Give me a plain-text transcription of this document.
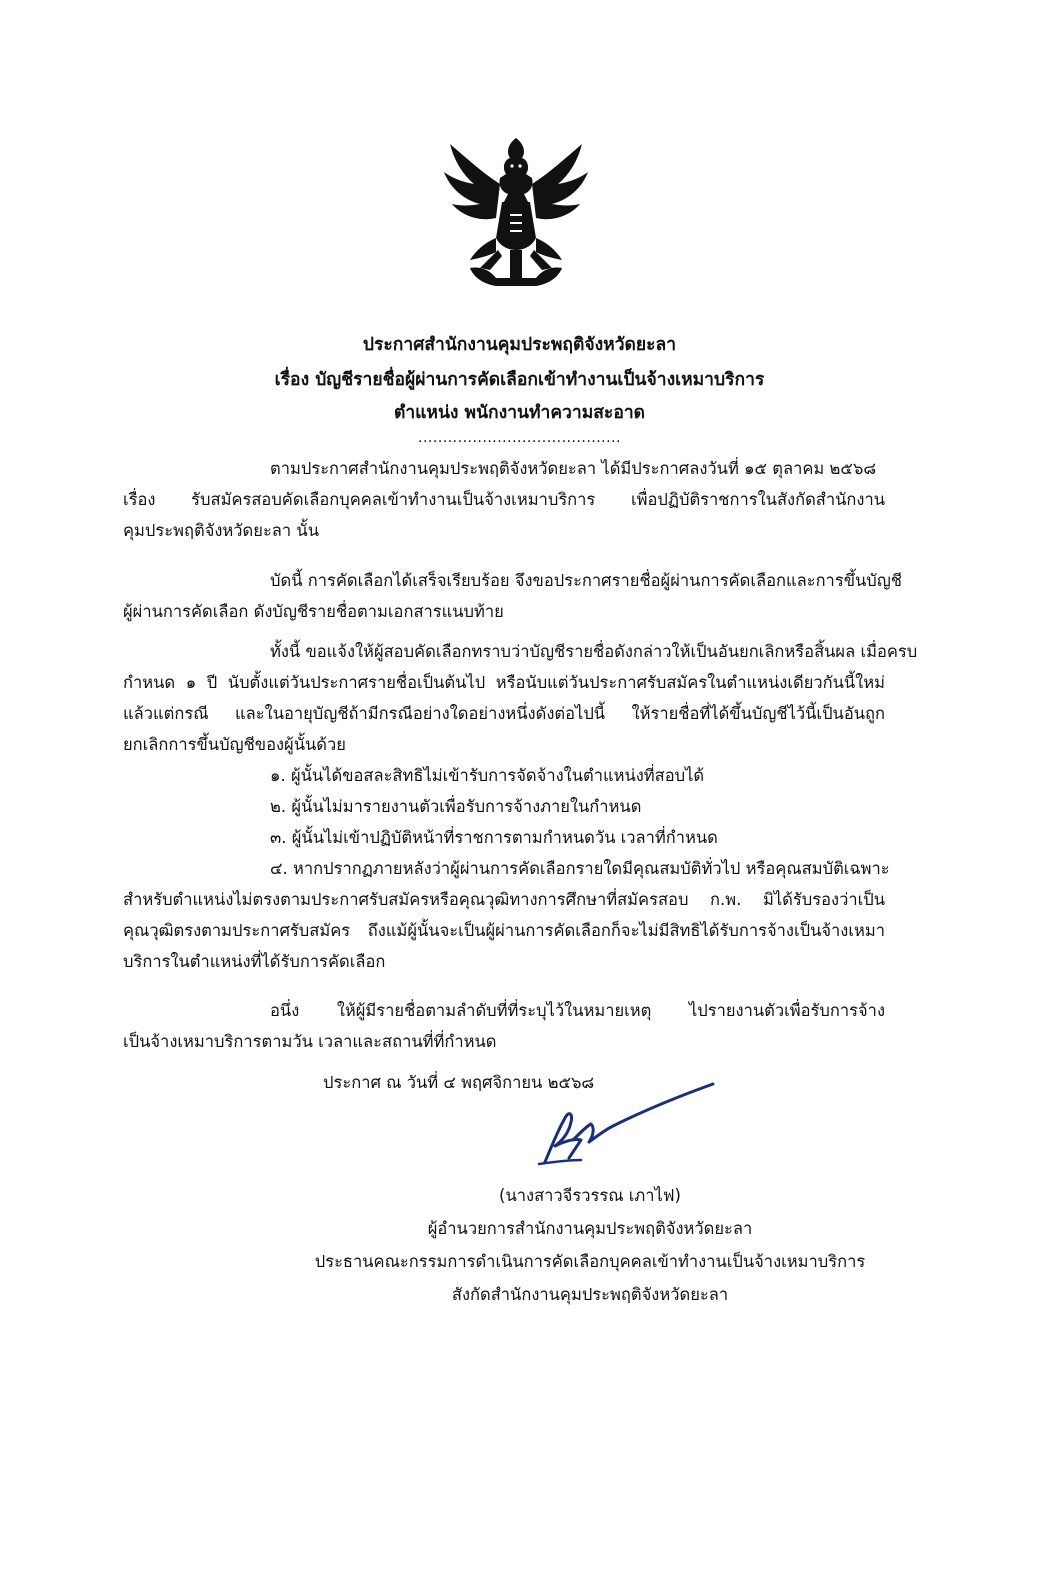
ประกาศสำนักงานคุมประพฤติจังหวัดยะลา
เรื่อง บัญชีรายชื่อผู้ผ่านการคัดเลือกเข้าทำงานเป็นจ้างเหมาบริการ
ตำแหน่ง พนักงานทำความสะอาด
.........................................
ตามประกาศสำนักงานคุมประพฤติจังหวัดยะลา ได้มีประกาศลงวันที่ ๑๕ ตุลาคม ๒๕๖๘
เรื่อง รับสมัครสอบคัดเลือกบุคคลเข้าทำงานเป็นจ้างเหมาบริการ เพื่อปฏิบัติราชการในสังกัดสำนักงาน
คุมประพฤติจังหวัดยะลา นั้น
บัดนี้ การคัดเลือกได้เสร็จเรียบร้อย จึงขอประกาศรายชื่อผู้ผ่านการคัดเลือกและการขึ้นบัญชี
ผู้ผ่านการคัดเลือก ดังบัญชีรายชื่อตามเอกสารแนบท้าย
ทั้งนี้ ขอแจ้งให้ผู้สอบคัดเลือกทราบว่าบัญชีรายชื่อดังกล่าวให้เป็นอันยกเลิกหรือสิ้นผล เมื่อครบ
กำหนด ๑ ปี นับตั้งแต่วันประกาศรายชื่อเป็นต้นไป หรือนับแต่วันประกาศรับสมัครในตำแหน่งเดียวกันนี้ใหม่
แล้วแต่กรณี และในอายุบัญชีถ้ามีกรณีอย่างใดอย่างหนึ่งดังต่อไปนี้ ให้รายชื่อที่ได้ขึ้นบัญชีไว้นี้เป็นอันถูก
ยกเลิกการขึ้นบัญชีของผู้นั้นด้วย
๑. ผู้นั้นได้ขอสละสิทธิไม่เข้ารับการจัดจ้างในตำแหน่งที่สอบได้
๒. ผู้นั้นไม่มารายงานตัวเพื่อรับการจ้างภายในกำหนด
๓. ผู้นั้นไม่เข้าปฏิบัติหน้าที่ราชการตามกำหนดวัน เวลาที่กำหนด
๔. หากปรากฏภายหลังว่าผู้ผ่านการคัดเลือกรายใดมีคุณสมบัติทั่วไป หรือคุณสมบัติเฉพาะ
สำหรับตำแหน่งไม่ตรงตามประกาศรับสมัครหรือคุณวุฒิทางการศึกษาที่สมัครสอบ ก.พ. มิได้รับรองว่าเป็น
คุณวุฒิตรงตามประกาศรับสมัคร ถึงแม้ผู้นั้นจะเป็นผู้ผ่านการคัดเลือกก็จะไม่มีสิทธิได้รับการจ้างเป็นจ้างเหมา
บริการในตำแหน่งที่ได้รับการคัดเลือก
อนึ่ง ให้ผู้มีรายชื่อตามลำดับที่ที่ระบุไว้ในหมายเหตุ ไปรายงานตัวเพื่อรับการจ้าง
เป็นจ้างเหมาบริการตามวัน เวลาและสถานที่ที่กำหนด
ประกาศ ณ วันที่ ๔ พฤศจิกายน ๒๕๖๘
(นางสาวจีรวรรณ เภาไฟ)
ผู้อำนวยการสำนักงานคุมประพฤติจังหวัดยะลา
ประธานคณะกรรมการดำเนินการคัดเลือกบุคคลเข้าทำงานเป็นจ้างเหมาบริการ
สังกัดสำนักงานคุมประพฤติจังหวัดยะลา
